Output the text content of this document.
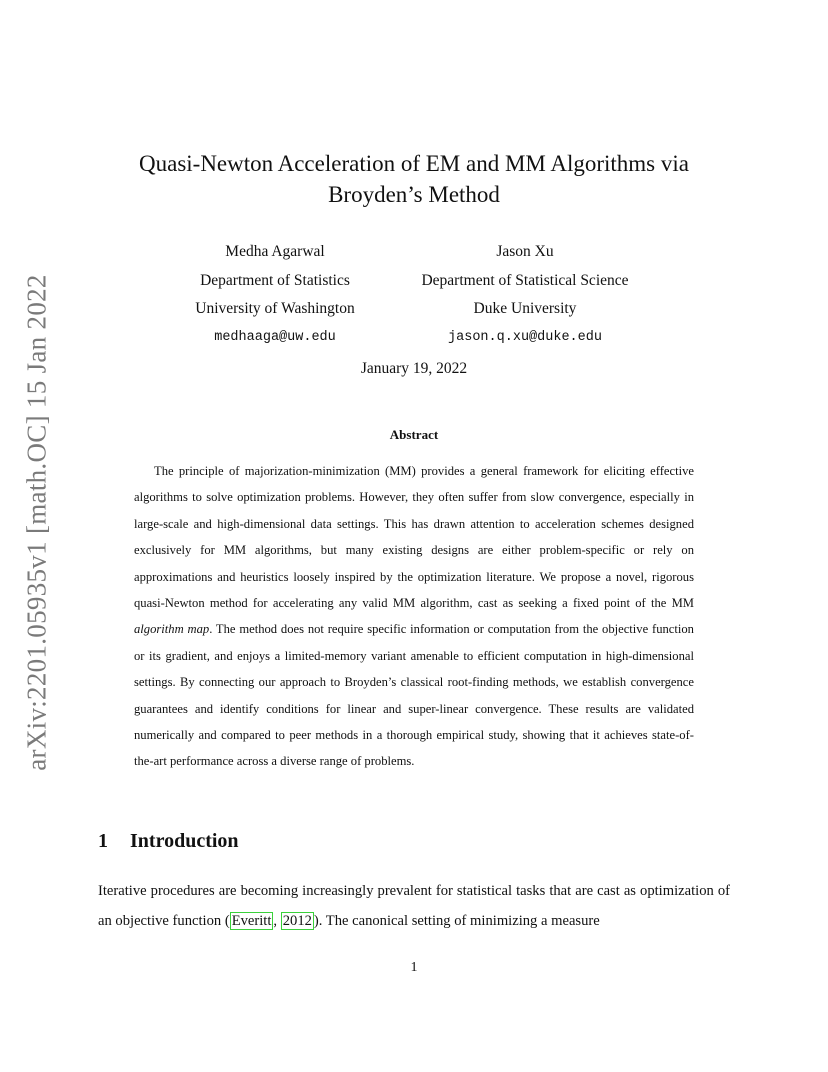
arXiv:2201.05935v1 [math.OC] 15 Jan 2022
Quasi-Newton Acceleration of EM and MM Algorithms via
Broyden’s Method
Medha Agarwal
Department of Statistics
University of Washington
medhaaga@uw.edu
Jason Xu
Department of Statistical Science
Duke University
jason.q.xu@duke.edu
January 19, 2022
Abstract

The principle of majorization-minimization (MM) provides a general framework for eliciting effective algorithms to solve optimization problems. However, they often suffer from slow convergence, especially in large-scale and high-dimensional data settings. This has drawn attention to acceleration schemes designed exclusively for MM algorithms, but many existing designs are either problem-specific or rely on approximations and heuristics loosely inspired by the optimization literature. We propose a novel, rigorous quasi-Newton method for accelerating any valid MM algorithm, cast as seeking a fixed point of the MM algorithm map. The method does not require specific information or computation from the objective function or its gradient, and enjoys a limited-memory variant amenable to efficient computation in high-dimensional settings. By connecting our approach to Broyden’s classical root-finding methods, we establish convergence guarantees and identify conditions for linear and super-linear convergence. These results are validated numerically and compared to peer methods in a thorough empirical study, showing that it achieves state-of-the-art performance across a diverse range of problems.

1 Introduction

Iterative procedures are becoming increasingly prevalent for statistical tasks that are cast as optimization of an objective function ( Everitt , 2012 ). The canonical setting of minimizing a measure

1
